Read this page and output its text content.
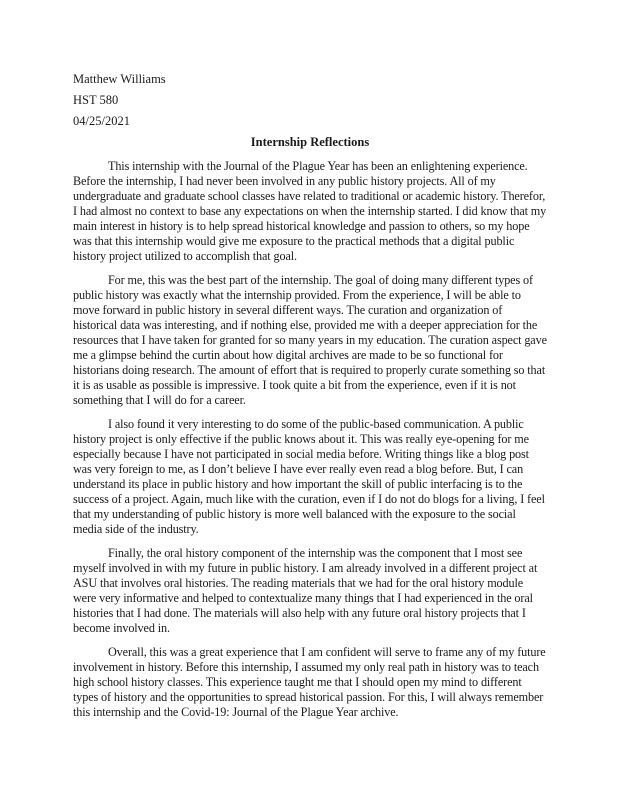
Matthew Williams
HST 580
04/25/2021
Internship Reflections

This internship with the Journal of the Plague Year has been an enlightening experience. Before the internship, I had never been involved in any public history projects. All of my undergraduate and graduate school classes have related to traditional or academic history. Therefor, I had almost no context to base any expectations on when the internship started. I did know that my main interest in history is to help spread historical knowledge and passion to others, so my hope was that this internship would give me exposure to the practical methods that a digital public history project utilized to accomplish that goal.

For me, this was the best part of the internship. The goal of doing many different types of public history was exactly what the internship provided. From the experience, I will be able to move forward in public history in several different ways. The curation and organization of historical data was interesting, and if nothing else, provided me with a deeper appreciation for the resources that I have taken for granted for so many years in my education. The curation aspect gave me a glimpse behind the curtin about how digital archives are made to be so functional for historians doing research. The amount of effort that is required to properly curate something so that it is as usable as possible is impressive. I took quite a bit from the experience, even if it is not something that I will do for a career.

I also found it very interesting to do some of the public-based communication. A public history project is only effective if the public knows about it. This was really eye-opening for me especially because I have not participated in social media before. Writing things like a blog post was very foreign to me, as I don’t believe I have ever really even read a blog before. But, I can understand its place in public history and how important the skill of public interfacing is to the success of a project. Again, much like with the curation, even if I do not do blogs for a living, I feel that my understanding of public history is more well balanced with the exposure to the social media side of the industry.

Finally, the oral history component of the internship was the component that I most see myself involved in with my future in public history. I am already involved in a different project at ASU that involves oral histories. The reading materials that we had for the oral history module were very informative and helped to contextualize many things that I had experienced in the oral histories that I had done. The materials will also help with any future oral history projects that I become involved in.

Overall, this was a great experience that I am confident will serve to frame any of my future involvement in history. Before this internship, I assumed my only real path in history was to teach high school history classes. This experience taught me that I should open my mind to different types of history and the opportunities to spread historical passion. For this, I will always remember this internship and the Covid-19: Journal of the Plague Year archive.
